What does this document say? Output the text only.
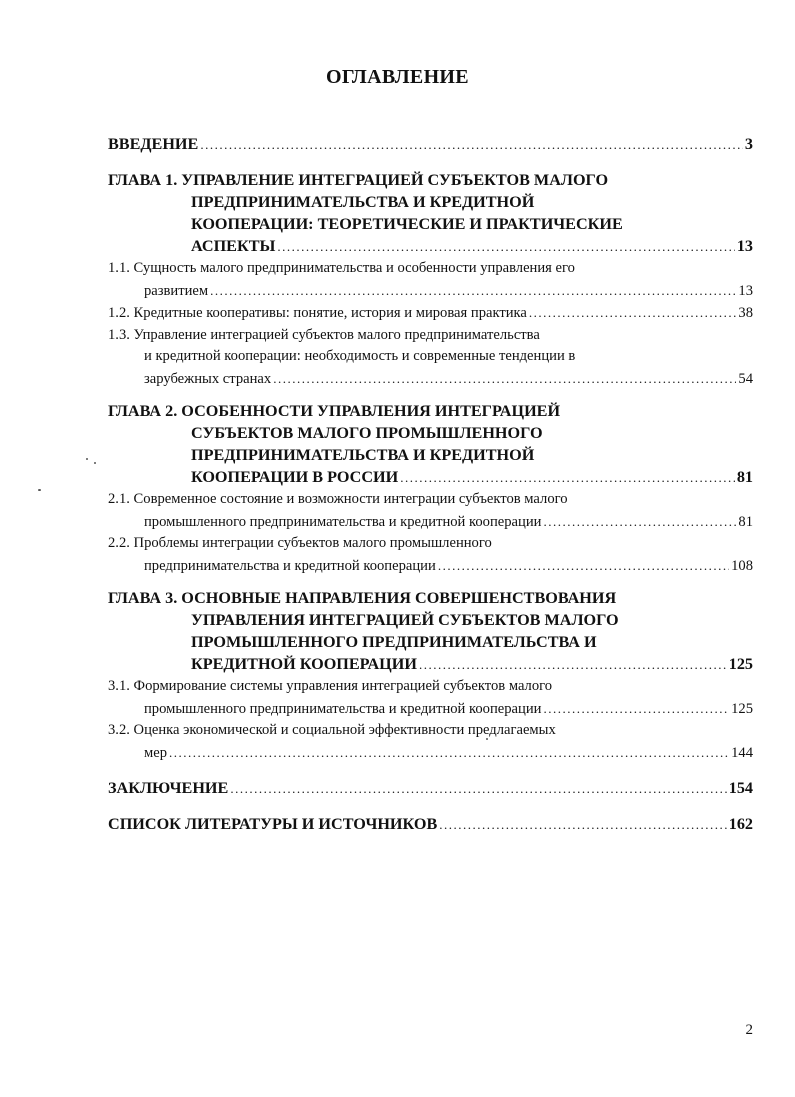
ОГЛАВЛЕНИЕ
ВВЕДЕНИЕ .....	3
ГЛАВА 1. УПРАВЛЕНИЕ ИНТЕГРАЦИЕЙ СУБЪЕКТОВ МАЛОГО
ПРЕДПРИНИМАТЕЛЬСТВА И КРЕДИТНОЙ
КООПЕРАЦИИ: ТЕОРЕТИЧЕСКИЕ И ПРАКТИЧЕСКИЕ
АСПЕКТЫ .....	13
1.1. Сущность малого предпринимательства и особенности управления его
развитием .....	13
1.2. Кредитные кооперативы: понятие, история и мировая практика .....	38
1.3. Управление интеграцией субъектов малого предпринимательства
и кредитной кооперации: необходимость и современные тенденции в
зарубежных странах .....	54
ГЛАВА 2. ОСОБЕННОСТИ УПРАВЛЕНИЯ ИНТЕГРАЦИЕЙ
СУБЪЕКТОВ МАЛОГО ПРОМЫШЛЕННОГО
ПРЕДПРИНИМАТЕЛЬСТВА И КРЕДИТНОЙ
КООПЕРАЦИИ В РОССИИ .....	81
2.1. Современное состояние и возможности интеграции субъектов малого
промышленного предпринимательства и кредитной кооперации .....	81
2.2. Проблемы интеграции субъектов малого промышленного
предпринимательства и кредитной кооперации .....	108
ГЛАВА 3. ОСНОВНЫЕ НАПРАВЛЕНИЯ СОВЕРШЕНСТВОВАНИЯ
УПРАВЛЕНИЯ ИНТЕГРАЦИЕЙ СУБЪЕКТОВ МАЛОГО
ПРОМЫШЛЕННОГО ПРЕДПРИНИМАТЕЛЬСТВА И
КРЕДИТНОЙ КООПЕРАЦИИ .....	125
3.1. Формирование системы управления интеграцией субъектов малого
промышленного предпринимательства и кредитной кооперации .....	125
3.2. Оценка экономической и социальной эффективности предлагаемых
мер .....	144
ЗАКЛЮЧЕНИЕ .....	154
СПИСОК ЛИТЕРАТУРЫ И ИСТОЧНИКОВ .....	162
2
